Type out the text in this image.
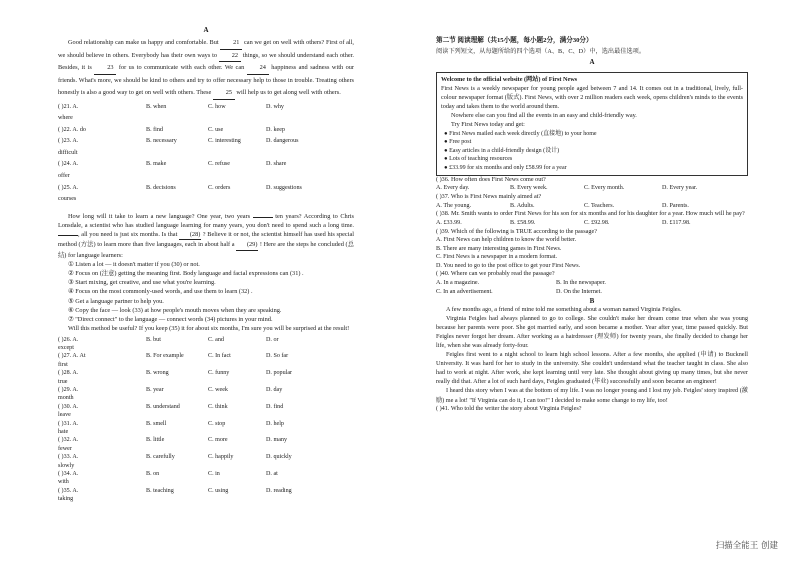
A
Good relationship can make us happy and comfortable. But 21 can we get on well with others? First of all, we should believe in others. Everybody has their own ways to 22 things, so we should understand each other. Besides, it is 23 for us to communicate with each other. We can 24 happiness and sadness with our friends. What's more, we should be kind to others and try to offer necessary help to those in trouble. Treating others honestly is also a good way to get on well with others. These 25 will help us to get along well with others.
( )21. A. where
B. when	C. how	D. why
( )22. A. do	B. find	C. use	D. keep
( )23. A. difficult
B. necessary	C. interesting	D. dangerous
( )24. A. offer
B. make	C. refuse	D. share
( )25. A. courses
B. decisions	C. orders	D. suggestions
How long will it take to learn a new language? One year, two years	ten years? According to Chris Lonsdale, a scientist who has studied language learning for many years, you don't need to spend such a long time. , all you need is just six months. Is that (28) ? Believe it or not, the scientist himself has used his special method (方法) to learn more than five languages, each in about half a (29) ! Here are the steps he concluded (总结) for language learners:
① Listen a lot — it doesn't matter if you (30) or not.
② Focus on (注意) getting the meaning first. Body language and facial expressions can (31) .
③ Start mixing, get creative, and use what you're learning.
④ Focus on the most commonly-used words, and use them to learn (32) .
⑤ Get a language partner to help you.
⑥ Copy the face — look (33) at how people's mouth moves when they are speaking.
⑦ "Direct connect" to the language — connect words (34) pictures in your mind.
Will this method be useful? If you keep (35) it for about six months, I'm sure you will be surprised at the result!
( )26. A. except
B. but	C. and	D. or
( )27. A. At first
B. For example	C. In fact	D. So far
( )28. A. true
B. wrong	C. funny	D. popular
( )29. A. month
B. year	C. week	D. day
( )30. A. leave
B. understand	C. think	D. find
( )31. A. hate
B. smell	C. stop	D. help
( )32. A. fewer
B. little	C. more	D. many
( )33. A. slowly
B. carefully	C. happily	D. quickly
( )34. A. with
B. on	C. in	D. at
( )35. A. taking
B. teaching	C. using	D. reading
第二节 阅读理解（共15小题，每小题2分，满分30分）
阅读下列短文，从每题所给的四个选项（A、B、C、D）中，选出最佳选项。
A
Welcome to the official website (网站) of First News
First News is a weekly newspaper for young people aged between 7 and 14. It comes out in a traditional, lively, full-colour newspaper format (版式). First News, with over 2 million readers each week, opens children's minds to the events today and takes them to the world around them.
Nowhere else can you find all the events in an easy and child-friendly way.
Try First News today and get:
● First News mailed each week directly (直接地) to your home
● Free post
● Easy articles in a child-friendly design (设计)
● Lots of teaching resources
● £33.99 for six months and only £58.99 for a year
( )36. How often does First News come out?
A. Every day.	B. Every week.	C. Every month.	D. Every year.
( )37. Who is First News mainly aimed at?
A. The young.	B. Adults.	C. Teachers.	D. Parents.
( )38. Mr. Smith wants to order First News for his son for six months and for his daughter for a year. How much will he pay?
A. £33.99.	B. £58.99.	C. £92.98.	D. £117.98.
( )39. Which of the following is TRUE according to the passage?
A. First News can help children to know the world better.
B. There are many interesting games in First News.
C. First News is a newspaper in a modern format.
D. You need to go to the post office to get your First News.
( )40. Where can we probably read the passage?
A. In a magazine.	B. In the newspaper.
C. In an advertisement.	D. On the Internet.
B
A few months ago, a friend of mine told me something about a woman named Virginia Feigles.
Virginia Feigles had always planned to go to college. She couldn't make her dream come true when she was young because her parents were poor. She got married early, and soon became a mother. Year after year, time passed quickly. But Feigles never forgot her dream. After working as a hairdresser (理发师) for twenty years, she finally decided to change her life, when she was already forty-four.
Feigles first went to a night school to learn high school lessons. After a few months, she applied (申请) to Bucknell University. It was hard for her to study in the university. She couldn't understand what the teacher taught in class. She also had to work at night. After work, she kept learning until very late. She thought about giving up many times, but she never really did that. After a lot of such hard days, Feigles graduated (毕业) successfully and soon became an engineer!
I heard this story when I was at the bottom of my life. I was no longer young and I lost my job. Feigles' story inspired (激励) me a lot! "If Virginia can do it, I can too!" I decided to make some change to my life, too!
( )41. Who told the writer the story about Virginia Feigles?
扫描全能王 创建
